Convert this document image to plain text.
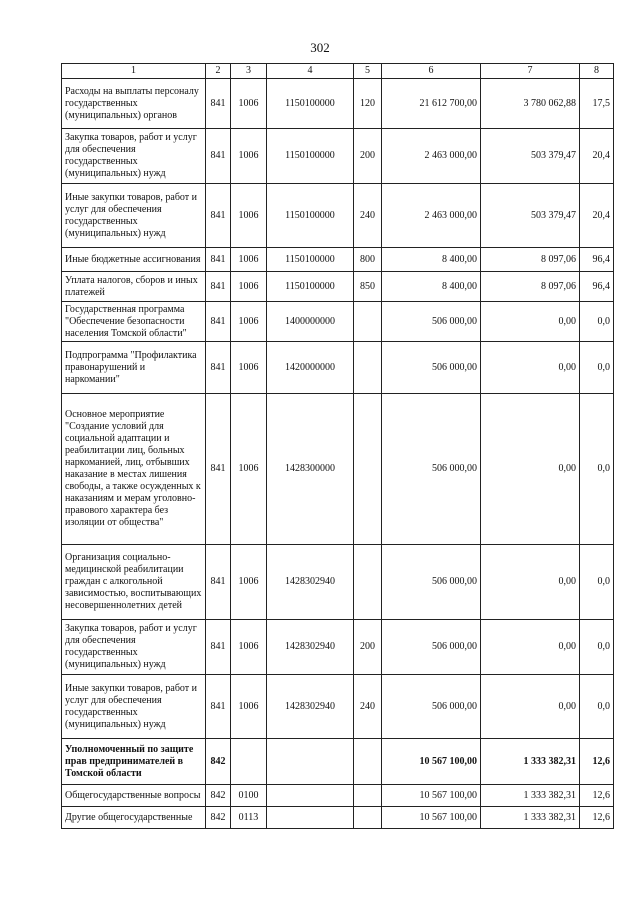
302
1	2	3	4	5	6	7	8
Расходы на выплаты персоналу государственных (муниципальных) органов	841	1006	1150100000	120	21 612 700,00	3 780 062,88	17,5
Закупка товаров, работ и услуг для обеспечения государственных (муниципальных) нужд	841	1006	1150100000	200	2 463 000,00	503 379,47	20,4
Иные закупки товаров, работ и услуг для обеспечения государственных (муниципальных) нужд	841	1006	1150100000	240	2 463 000,00	503 379,47	20,4
Иные бюджетные ассигнования	841	1006	1150100000	800	8 400,00	8 097,06	96,4
Уплата налогов, сборов и иных платежей	841	1006	1150100000	850	8 400,00	8 097,06	96,4
Государственная программа "Обеспечение безопасности населения Томской области"	841	1006	1400000000		506 000,00	0,00	0,0
Подпрограмма "Профилактика правонарушений и наркомании"	841	1006	1420000000		506 000,00	0,00	0,0
Основное мероприятие "Создание условий для социальной адаптации и реабилитации лиц, больных наркоманией, лиц, отбывших наказание в местах лишения свободы, а также осужденных к наказаниям и мерам уголовно-правового характера без изоляции от общества"	841	1006	1428300000		506 000,00	0,00	0,0
Организация социально-медицинской реабилитации граждан с алкогольной зависимостью, воспитывающих несовершеннолетних детей	841	1006	1428302940		506 000,00	0,00	0,0
Закупка товаров, работ и услуг для обеспечения государственных (муниципальных) нужд	841	1006	1428302940	200	506 000,00	0,00	0,0
Иные закупки товаров, работ и услуг для обеспечения государственных (муниципальных) нужд	841	1006	1428302940	240	506 000,00	0,00	0,0
Уполномоченный по защите прав предпринимателей в Томской области	842				10 567 100,00	1 333 382,31	12,6
Общегосударственные вопросы	842	0100			10 567 100,00	1 333 382,31	12,6
Другие общегосударственные	842	0113			10 567 100,00	1 333 382,31	12,6
